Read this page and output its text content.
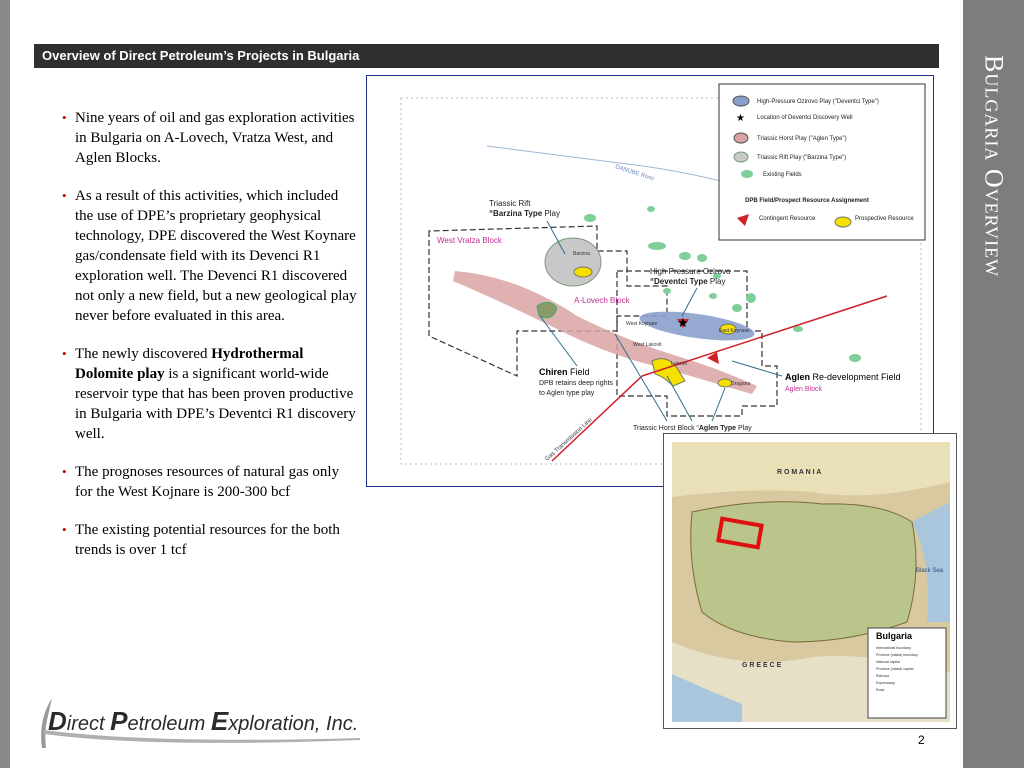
Bulgaria Overview
Overview of Direct Petroleum’s Projects in Bulgaria
• Nine years of oil and gas exploration activities in Bulgaria on A-Lovech, Vratza West, and Aglen Blocks.
• As a result of this activities, which included the use of DPE’s proprietary geophysical technology, DPE discovered the West Koynare gas/condensate field with its Devenci R1 exploration well. The Devenci R1 discovered not only a new field, but a new geological play never before evaluated in this area.
• The newly discovered Hydrothermal Dolomite play is a significant world-wide reservoir type that has been proven productive in Bulgaria with DPE’s Deventci R1 discovery well.
• The prognoses resources of natural gas only for the West Kojnare is 200-300 bcf
• The existing potential resources for the both trends is over 1 tcf
DANUBE River
★
Gas Transmission Line
Triassic Rift
“Barzina Type Play
West Vratza Block
Barzina
High Pressure Ozirovo
“Deventci Type Play
A-Lovech Block
West Koynare
East Koynare
West Lukovit
Lukovit
Dragana
Chiren Field
DPB retains deep rights
to Aglen type play
Aglen Re-development Field
Aglen Block
Triassic Horst Block “Aglen Type Play
High-Pressure Ozirovo Play ("Deventci Type")
★ Location of Deventci Discovery Well
Triassic Horst Play ("Aglen Type")
Triassic Rift Play ("Barzina Type")
Existing Fields
DPB Field/Prospect Resource Assignement
Contingent Resource	Prospective Resource
R O M A N I A
G R E E C E
Black Sea
Bulgaria
International boundary
Province (oblast) boundary
National capital
Province (oblast) capital
Railroad
Expressway
Road
Direct Petroleum Exploration, Inc.
2
